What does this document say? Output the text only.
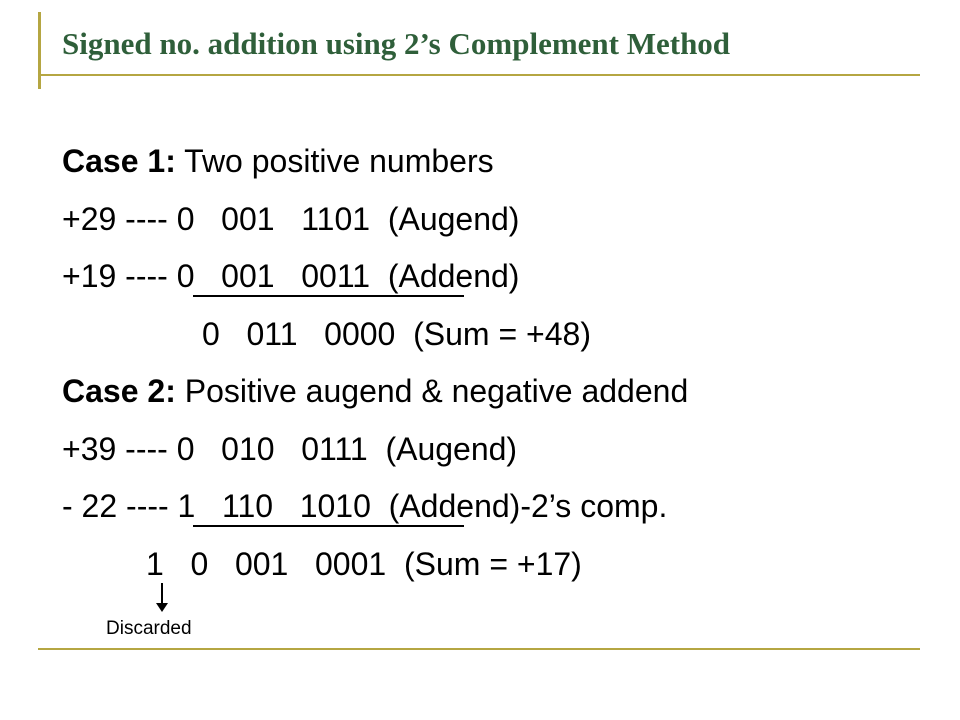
Signed no. addition using 2’s Complement Method
Case 1: Two positive numbers
+29 ---- 0   001   1101  (Augend)
+19 ---- 0   001   0011  (Addend)
0   011   0000  (Sum = +48)
Case 2: Positive augend & negative addend
+39 ---- 0   010   0111  (Augend)
- 22 ---- 1   110   1010  (Addend)-2’s comp.
1   0   001   0001  (Sum = +17)
Discarded
